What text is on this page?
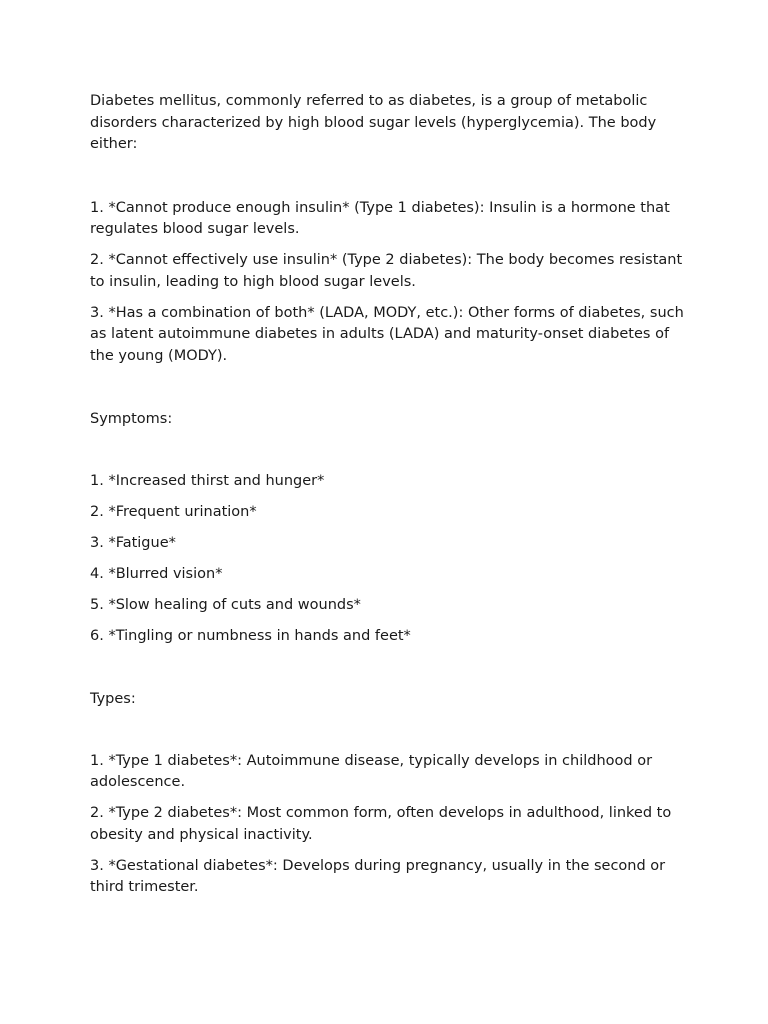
Diabetes mellitus, commonly referred to as diabetes, is a group of metabolic disorders characterized by high blood sugar levels (hyperglycemia). The body either:

1. *Cannot produce enough insulin* (Type 1 diabetes): Insulin is a hormone that regulates blood sugar levels.

2. *Cannot effectively use insulin* (Type 2 diabetes): The body becomes resistant to insulin, leading to high blood sugar levels.

3. *Has a combination of both* (LADA, MODY, etc.): Other forms of diabetes, such as latent autoimmune diabetes in adults (LADA) and maturity-onset diabetes of the young (MODY).

Symptoms:

1. *Increased thirst and hunger*

2. *Frequent urination*

3. *Fatigue*

4. *Blurred vision*

5. *Slow healing of cuts and wounds*

6. *Tingling or numbness in hands and feet*

Types:

1. *Type 1 diabetes*: Autoimmune disease, typically develops in childhood or adolescence.

2. *Type 2 diabetes*: Most common form, often develops in adulthood, linked to obesity and physical inactivity.

3. *Gestational diabetes*: Develops during pregnancy, usually in the second or third trimester.
